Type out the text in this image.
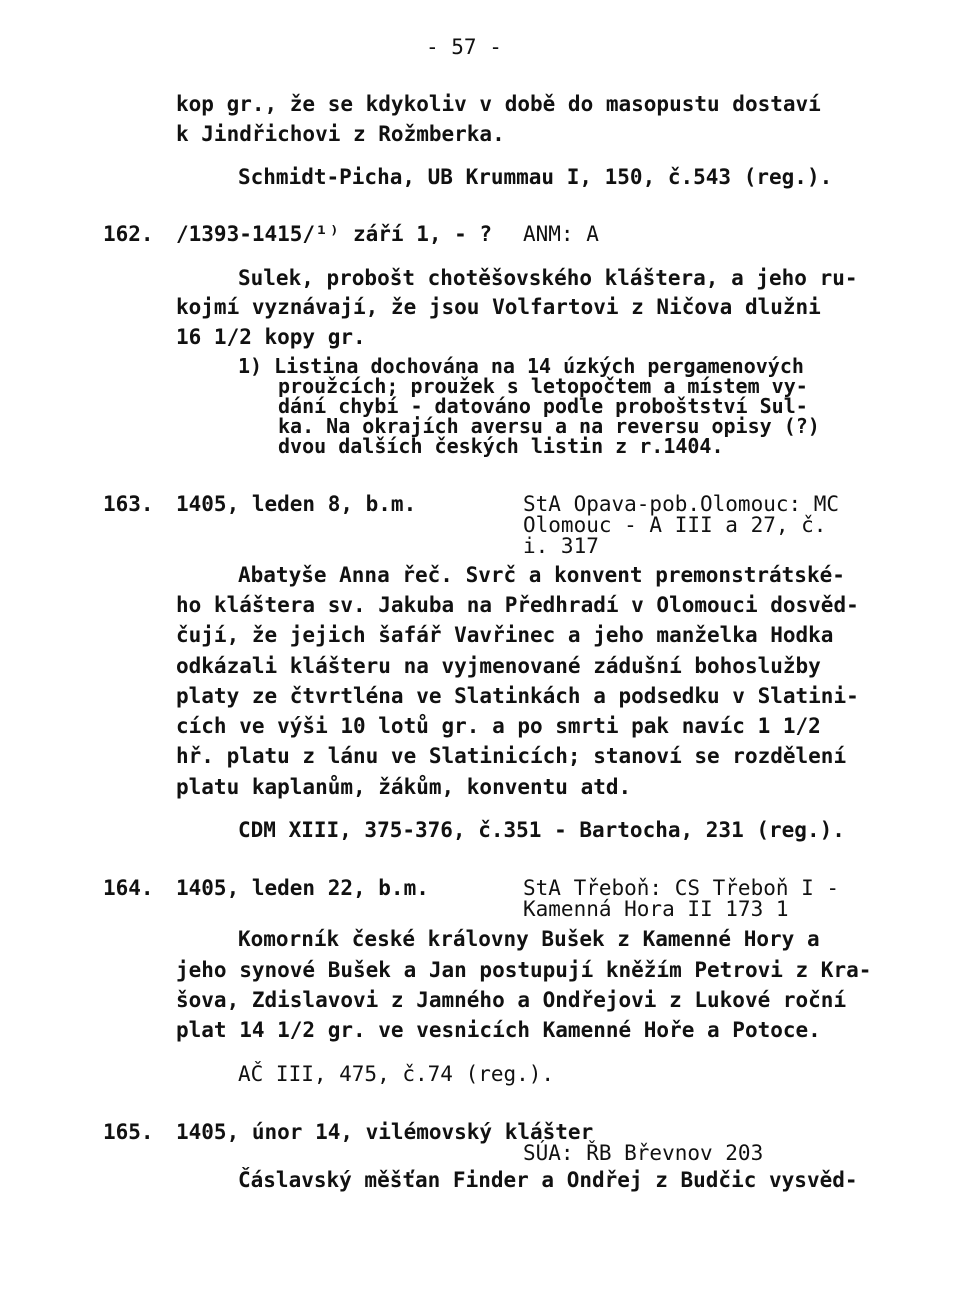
- 57 -
kop gr., že se kdykoliv v době do masopustu dostaví
k Jindřichovi z Rožmberka.
Schmidt-Picha, UB Krummau I, 150, č.543 (reg.).
162. /1393-1415/¹⁾ září 1, - ? ANM: A
Sulek, probošt chotěšovského kláštera, a jeho ru-
kojmí vyznávají, že jsou Volfartovi z Ničova dlužni
16 1/2 kopy gr.
1) Listina dochována na 14 úzkých pergamenových
proužcích; proužek s letopočtem a místem vy-
dání chybí - datováno podle proboštství Sul-
ka. Na okrajích aversu a na reversu opisy (?)
dvou dalších českých listin z r.1404.
163. 1405, leden 8, b.m.	StA Opava-pob.Olomouc: MC
Olomouc - A III a 27, č.
i. 317
Abatyše Anna řeč. Svrč a konvent premonstrátské-
ho kláštera sv. Jakuba na Předhradí v Olomouci dosvěd-
čují, že jejich šafář Vavřinec a jeho manželka Hodka
odkázali klášteru na vyjmenované zádušní bohoslužby
platy ze čtvrtléna ve Slatinkách a podsedku v Slatini-
cích ve výši 10 lotů gr. a po smrti pak navíc 1 1/2
hř. platu z lánu ve Slatinicích; stanoví se rozdělení
platu kaplanům, žákům, konventu atd.
CDM XIII, 375-376, č.351 - Bartocha, 231 (reg.).
164. 1405, leden 22, b.m.	StA Třeboň: CS Třeboň I -
Kamenná Hora II 173 1
Komorník české královny Bušek z Kamenné Hory a
jeho synové Bušek a Jan postupují kněžím Petrovi z Kra-
šova, Zdislavovi z Jamného a Ondřejovi z Lukové roční
plat 14 1/2 gr. ve vesnicích Kamenné Hoře a Potoce.
AČ III, 475, č.74 (reg.).
165. 1405, únor 14, vilémovský klášter
SÚA: ŘB Břevnov 203
Čáslavský měšťan Finder a Ondřej z Budčic vysvěd-
